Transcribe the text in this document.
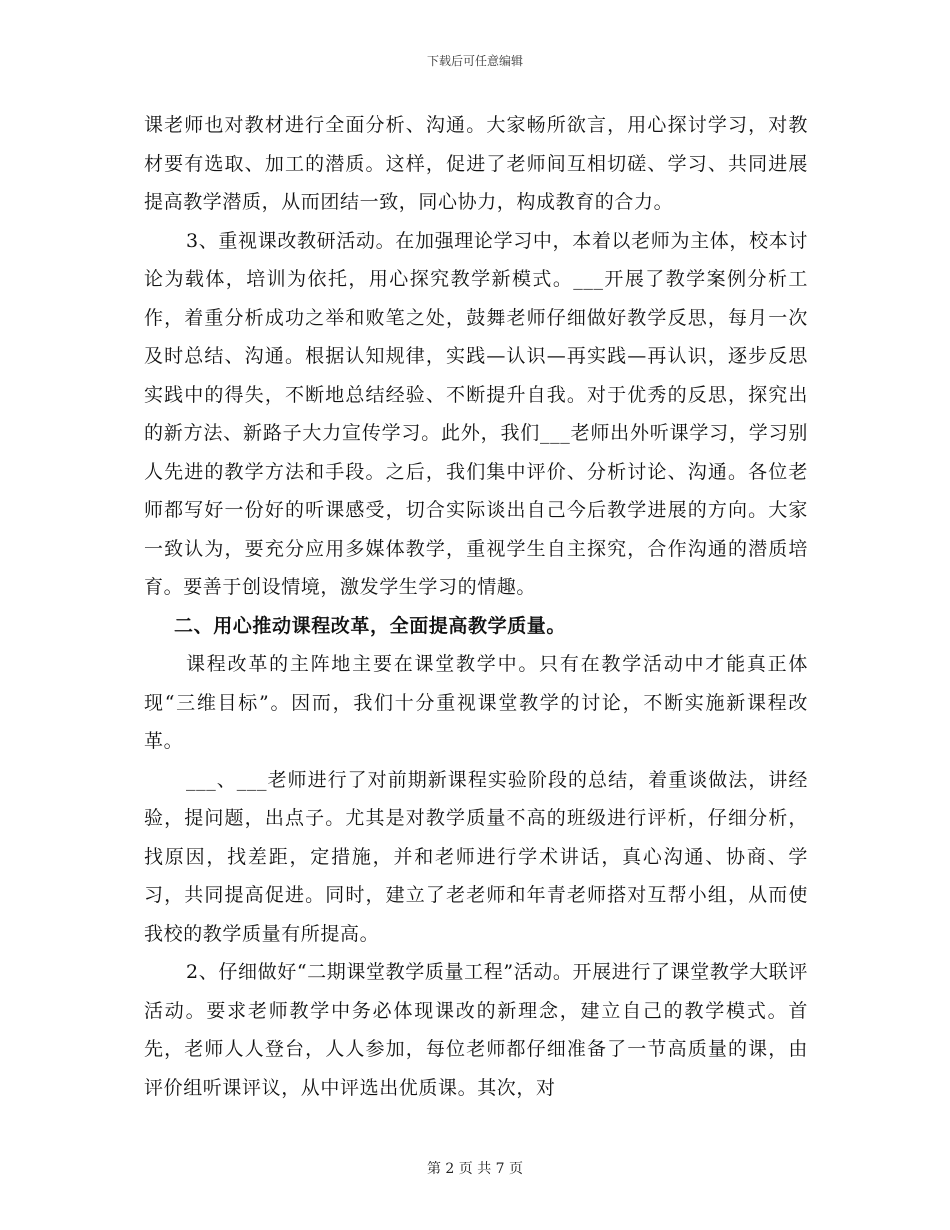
下载后可任意编辑

课老师也对教材进行全面分析、沟通。大家畅所欲言，用心探讨学习，对教材要有选取、加工的潜质。这样，促进了老师间互相切磋、学习、共同进展提高教学潜质，从而团结一致，同心协力，构成教育的合力。

3、重视课改教研活动。在加强理论学习中，本着以老师为主体，校本讨论为载体，培训为依托，用心探究教学新模式。___开展了教学案例分析工作，着重分析成功之举和败笔之处，鼓舞老师仔细做好教学反思，每月一次及时总结、沟通。根据认知规律，实践—认识—再实践—再认识，逐步反思实践中的得失，不断地总结经验、不断提升自我。对于优秀的反思，探究出的新方法、新路子大力宣传学习。此外，我们___老师出外听课学习，学习别人先进的教学方法和手段。之后，我们集中评价、分析讨论、沟通。各位老师都写好一份好的听课感受，切合实际谈出自己今后教学进展的方向。大家一致认为，要充分应用多媒体教学，重视学生自主探究，合作沟通的潜质培育。要善于创设情境，激发学生学习的情趣。

二、用心推动课程改革，全面提高教学质量。

课程改革的主阵地主要在课堂教学中。只有在教学活动中才能真正体现“三维目标”。因而，我们十分重视课堂教学的讨论，不断实施新课程改革。

___、___老师进行了对前期新课程实验阶段的总结，着重谈做法，讲经验，提问题，出点子。尤其是对教学质量不高的班级进行评析，仔细分析，找原因，找差距，定措施，并和老师进行学术讲话，真心沟通、协商、学习，共同提高促进。同时，建立了老老师和年青老师搭对互帮小组，从而使我校的教学质量有所提高。

2、仔细做好“二期课堂教学质量工程”活动。开展进行了课堂教学大联评活动。要求老师教学中务必体现课改的新理念，建立自己的教学模式。首先，老师人人登台，人人参加，每位老师都仔细准备了一节高质量的课，由评价组听课评议，从中评选出优质课。其次，对

第 2 页 共 7 页
